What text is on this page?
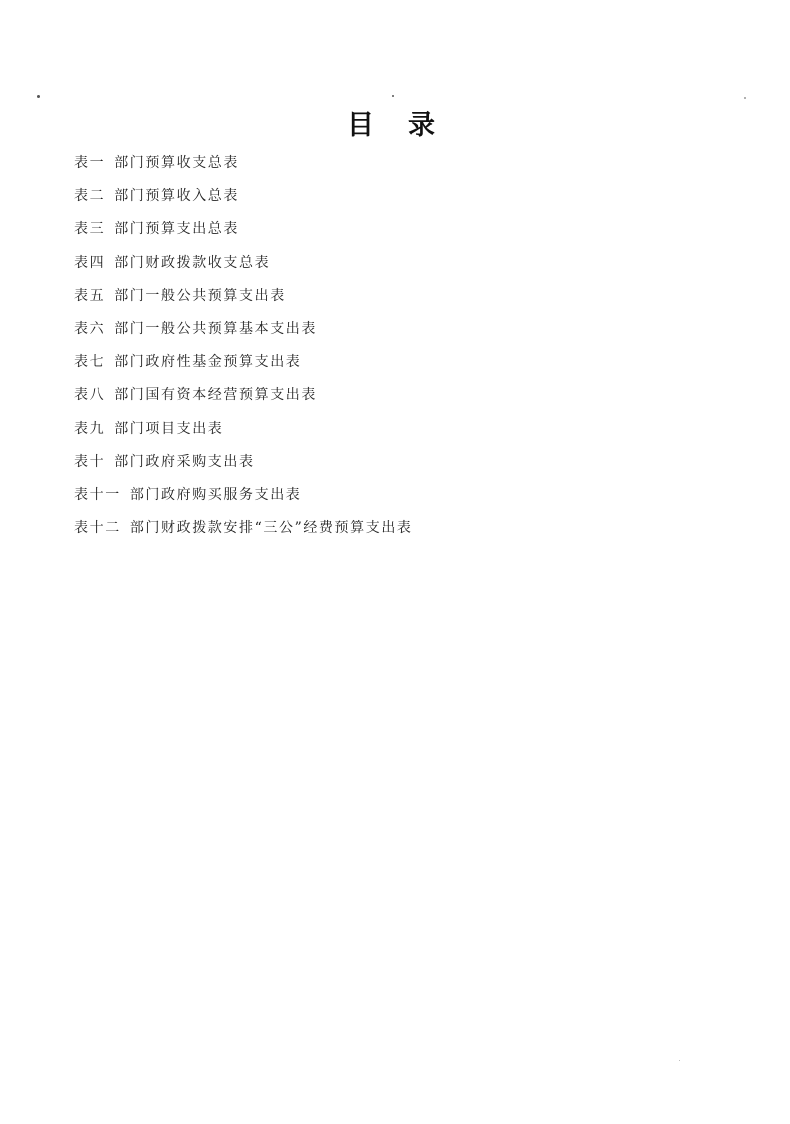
目录
表一 部门预算收支总表
表二 部门预算收入总表
表三 部门预算支出总表
表四 部门财政拨款收支总表
表五 部门一般公共预算支出表
表六 部门一般公共预算基本支出表
表七 部门政府性基金预算支出表
表八 部门国有资本经营预算支出表
表九 部门项目支出表
表十 部门政府采购支出表
表十一 部门政府购买服务支出表
表十二 部门财政拨款安排“三公”经费预算支出表
